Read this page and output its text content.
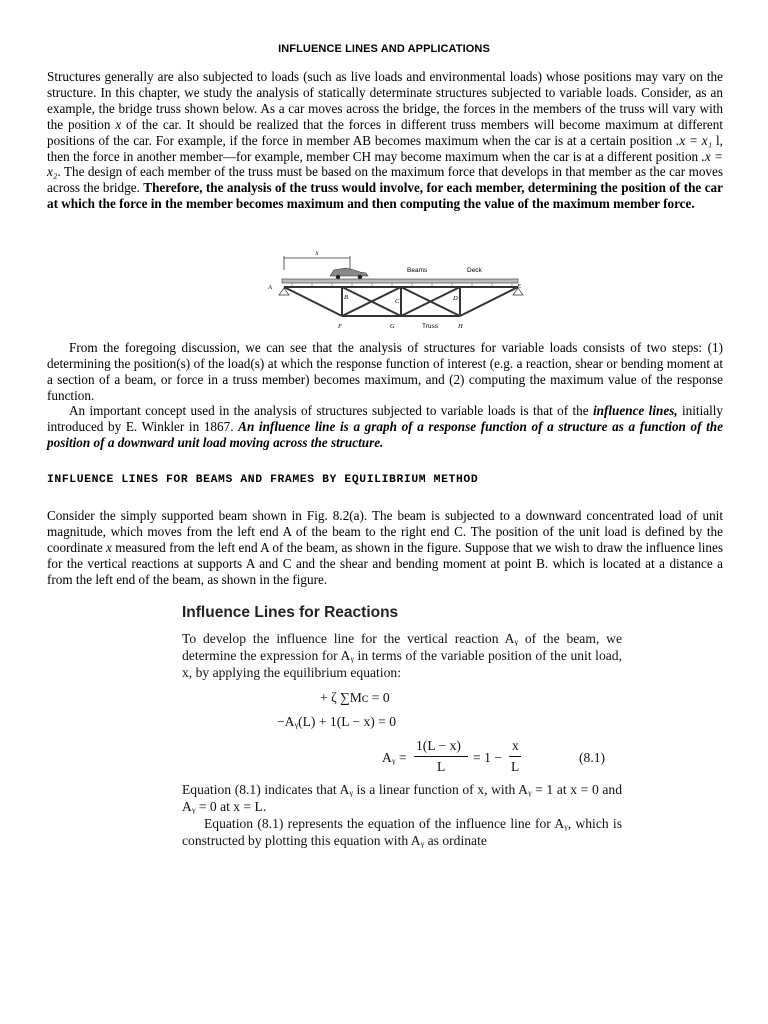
INFLUENCE LINES AND APPLICATIONS

Structures generally are also subjected to loads (such as live loads and environmental loads) whose positions may vary on the structure. In this chapter, we study the analysis of statically determinate structures subjected to variable loads. Consider, as an example, the bridge truss shown below. As a car moves across the bridge, the forces in the members of the truss will vary with the position x of the car. It should be realized that the forces in different truss members will become maximum at different positions of the car. For example, if the force in member AB becomes maximum when the car is at a certain position .x = x₁ l, then the force in another member—for example, member CH may become maximum when the car is at a different position .x = x₂. The design of each member of the truss must be based on the maximum force that develops in that member as the car moves across the bridge. Therefore, the analysis of the truss would involve, for each member, determining the position of the car at which the force in the member becomes maximum and then computing the value of the maximum member force.

x
Beams	Deck
Truss
A
B
C	D
E
F	G	H

From the foregoing discussion, we can see that the analysis of structures for variable loads consists of two steps: (1) determining the position(s) of the load(s) at which the response function of interest (e.g. a reaction, shear or bending moment at a section of a beam, or force in a truss member) becomes maximum, and (2) computing the maximum value of the response function.

An important concept used in the analysis of structures subjected to variable loads is that of the influence lines, initially introduced by E. Winkler in 1867. An influence line is a graph of a response function of a structure as a function of the position of a downward unit load moving across the structure.

INFLUENCE LINES FOR BEAMS AND FRAMES BY EQUILIBRIUM METHOD

Consider the simply supported beam shown in Fig. 8.2(a). The beam is subjected to a downward concentrated load of unit magnitude, which moves from the left end A of the beam to the right end C. The position of the unit load is defined by the coordinate x measured from the left end A of the beam, as shown in the figure. Suppose that we wish to draw the influence lines for the vertical reactions at supports A and C and the shear and bending moment at point B. which is located at a distance a from the left end of the beam, as shown in the figure.

Influence Lines for Reactions

To develop the influence line for the vertical reaction Aᵧ of the beam, we determine the expression for Aᵧ in terms of the variable position of the unit load, x, by applying the equilibrium equation:

+ ζ ∑Mᴄ = 0
−Aᵧ(L) + 1(L − x) = 0
Aᵧ =
1(L − x)
L
= 1 −
x
L
(8.1)

Equation (8.1) indicates that Aᵧ is a linear function of x, with Aᵧ = 1 at x = 0 and Aᵧ = 0 at x = L.

Equation (8.1) represents the equation of the influence line for Aᵧ, which is constructed by plotting this equation with Aᵧ as ordinate
